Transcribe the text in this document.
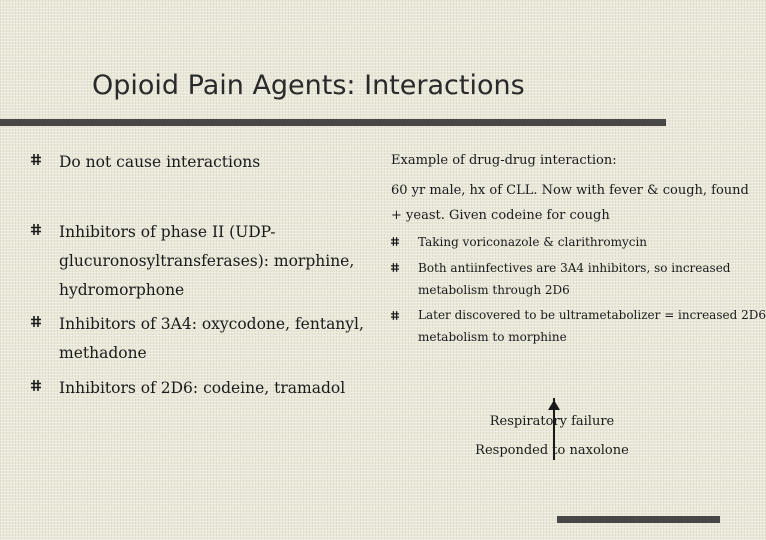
Opioid Pain Agents: Interactions
Do not cause interactions
Inhibitors of phase II (UDP-
glucuronosyltransferases): morphine,
hydromorphone
Inhibitors of 3A4: oxycodone, fentanyl,
methadone
Inhibitors of 2D6: codeine, tramadol
Example of drug-drug interaction:
60 yr male, hx of CLL. Now with fever & cough, found
+ yeast. Given codeine for cough
Taking voriconazole & clarithromycin
Both antiinfectives are 3A4 inhibitors, so increased
metabolism through 2D6
Later discovered to be ultrametabolizer = increased 2D6
metabolism to morphine
Respiratory failure
Responded to naxolone
